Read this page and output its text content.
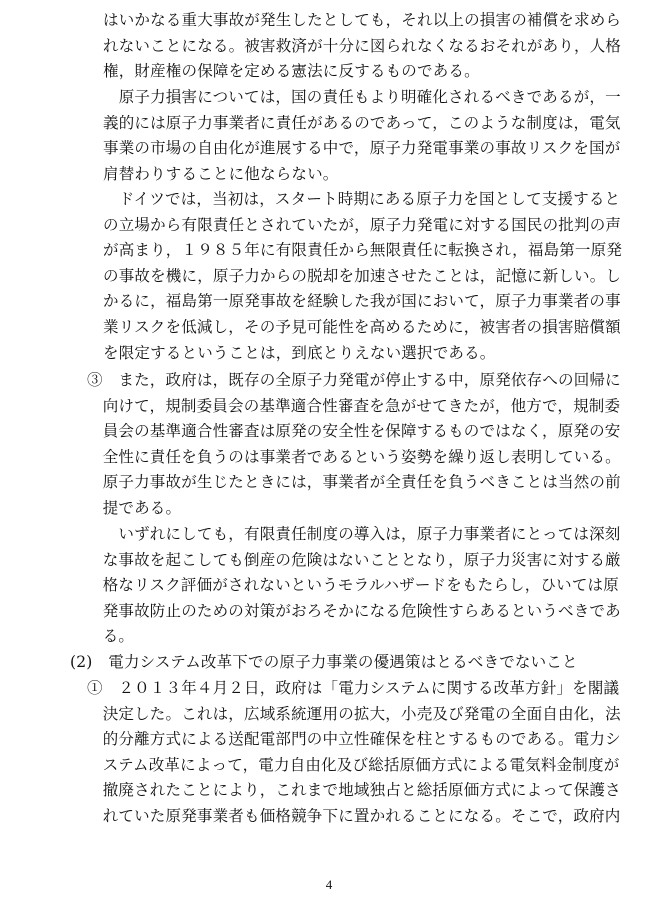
はいかなる重大事故が発生したとしても，それ以上の損害の補償を求めら
れないことになる。被害救済が十分に図られなくなるおそれがあり，人格
権，財産権の保障を定める憲法に反するものである。
　原子力損害については，国の責任もより明確化されるべきであるが，一
義的には原子力事業者に責任があるのであって，このような制度は，電気
事業の市場の自由化が進展する中で，原子力発電事業の事故リスクを国が
肩替わりすることに他ならない。
　ドイツでは，当初は，スタート時期にある原子力を国として支援すると
の立場から有限責任とされていたが，原子力発電に対する国民の批判の声
が高まり，１９８５年に有限責任から無限責任に転換され，福島第一原発
の事故を機に，原子力からの脱却を加速させたことは，記憶に新しい。し
かるに，福島第一原発事故を経験した我が国において，原子力事業者の事
業リスクを低減し，その予見可能性を高めるために，被害者の損害賠償額
を限定するということは，到底とりえない選択である。
③　また，政府は，既存の全原子力発電が停止する中，原発依存への回帰に
　向けて，規制委員会の基準適合性審査を急がせてきたが，他方で，規制委
　員会の基準適合性審査は原発の安全性を保障するものではなく，原発の安
　全性に責任を負うのは事業者であるという姿勢を繰り返し表明している。
　原子力事故が生じたときには，事業者が全責任を負うべきことは当然の前
　提である。
　　いずれにしても，有限責任制度の導入は，原子力事業者にとっては深刻
　な事故を起こしても倒産の危険はないこととなり，原子力災害に対する厳
　格なリスク評価がされないというモラルハザードをもたらし，ひいては原
　発事故防止のための対策がおろそかになる危険性すらあるというべきであ
　る。
(2)　電力システム改革下での原子力事業の優遇策はとるべきでないこと
①　２０１３年４月２日，政府は「電力システムに関する改革方針」を閣議
　決定した。これは，広域系統運用の拡大，小売及び発電の全面自由化，法
　的分離方式による送配電部門の中立性確保を柱とするものである。電力シ
　ステム改革によって，電力自由化及び総括原価方式による電気料金制度が
　撤廃されたことにより，これまで地域独占と総括原価方式によって保護さ
　れていた原発事業者も価格競争下に置かれることになる。そこで，政府内
4
